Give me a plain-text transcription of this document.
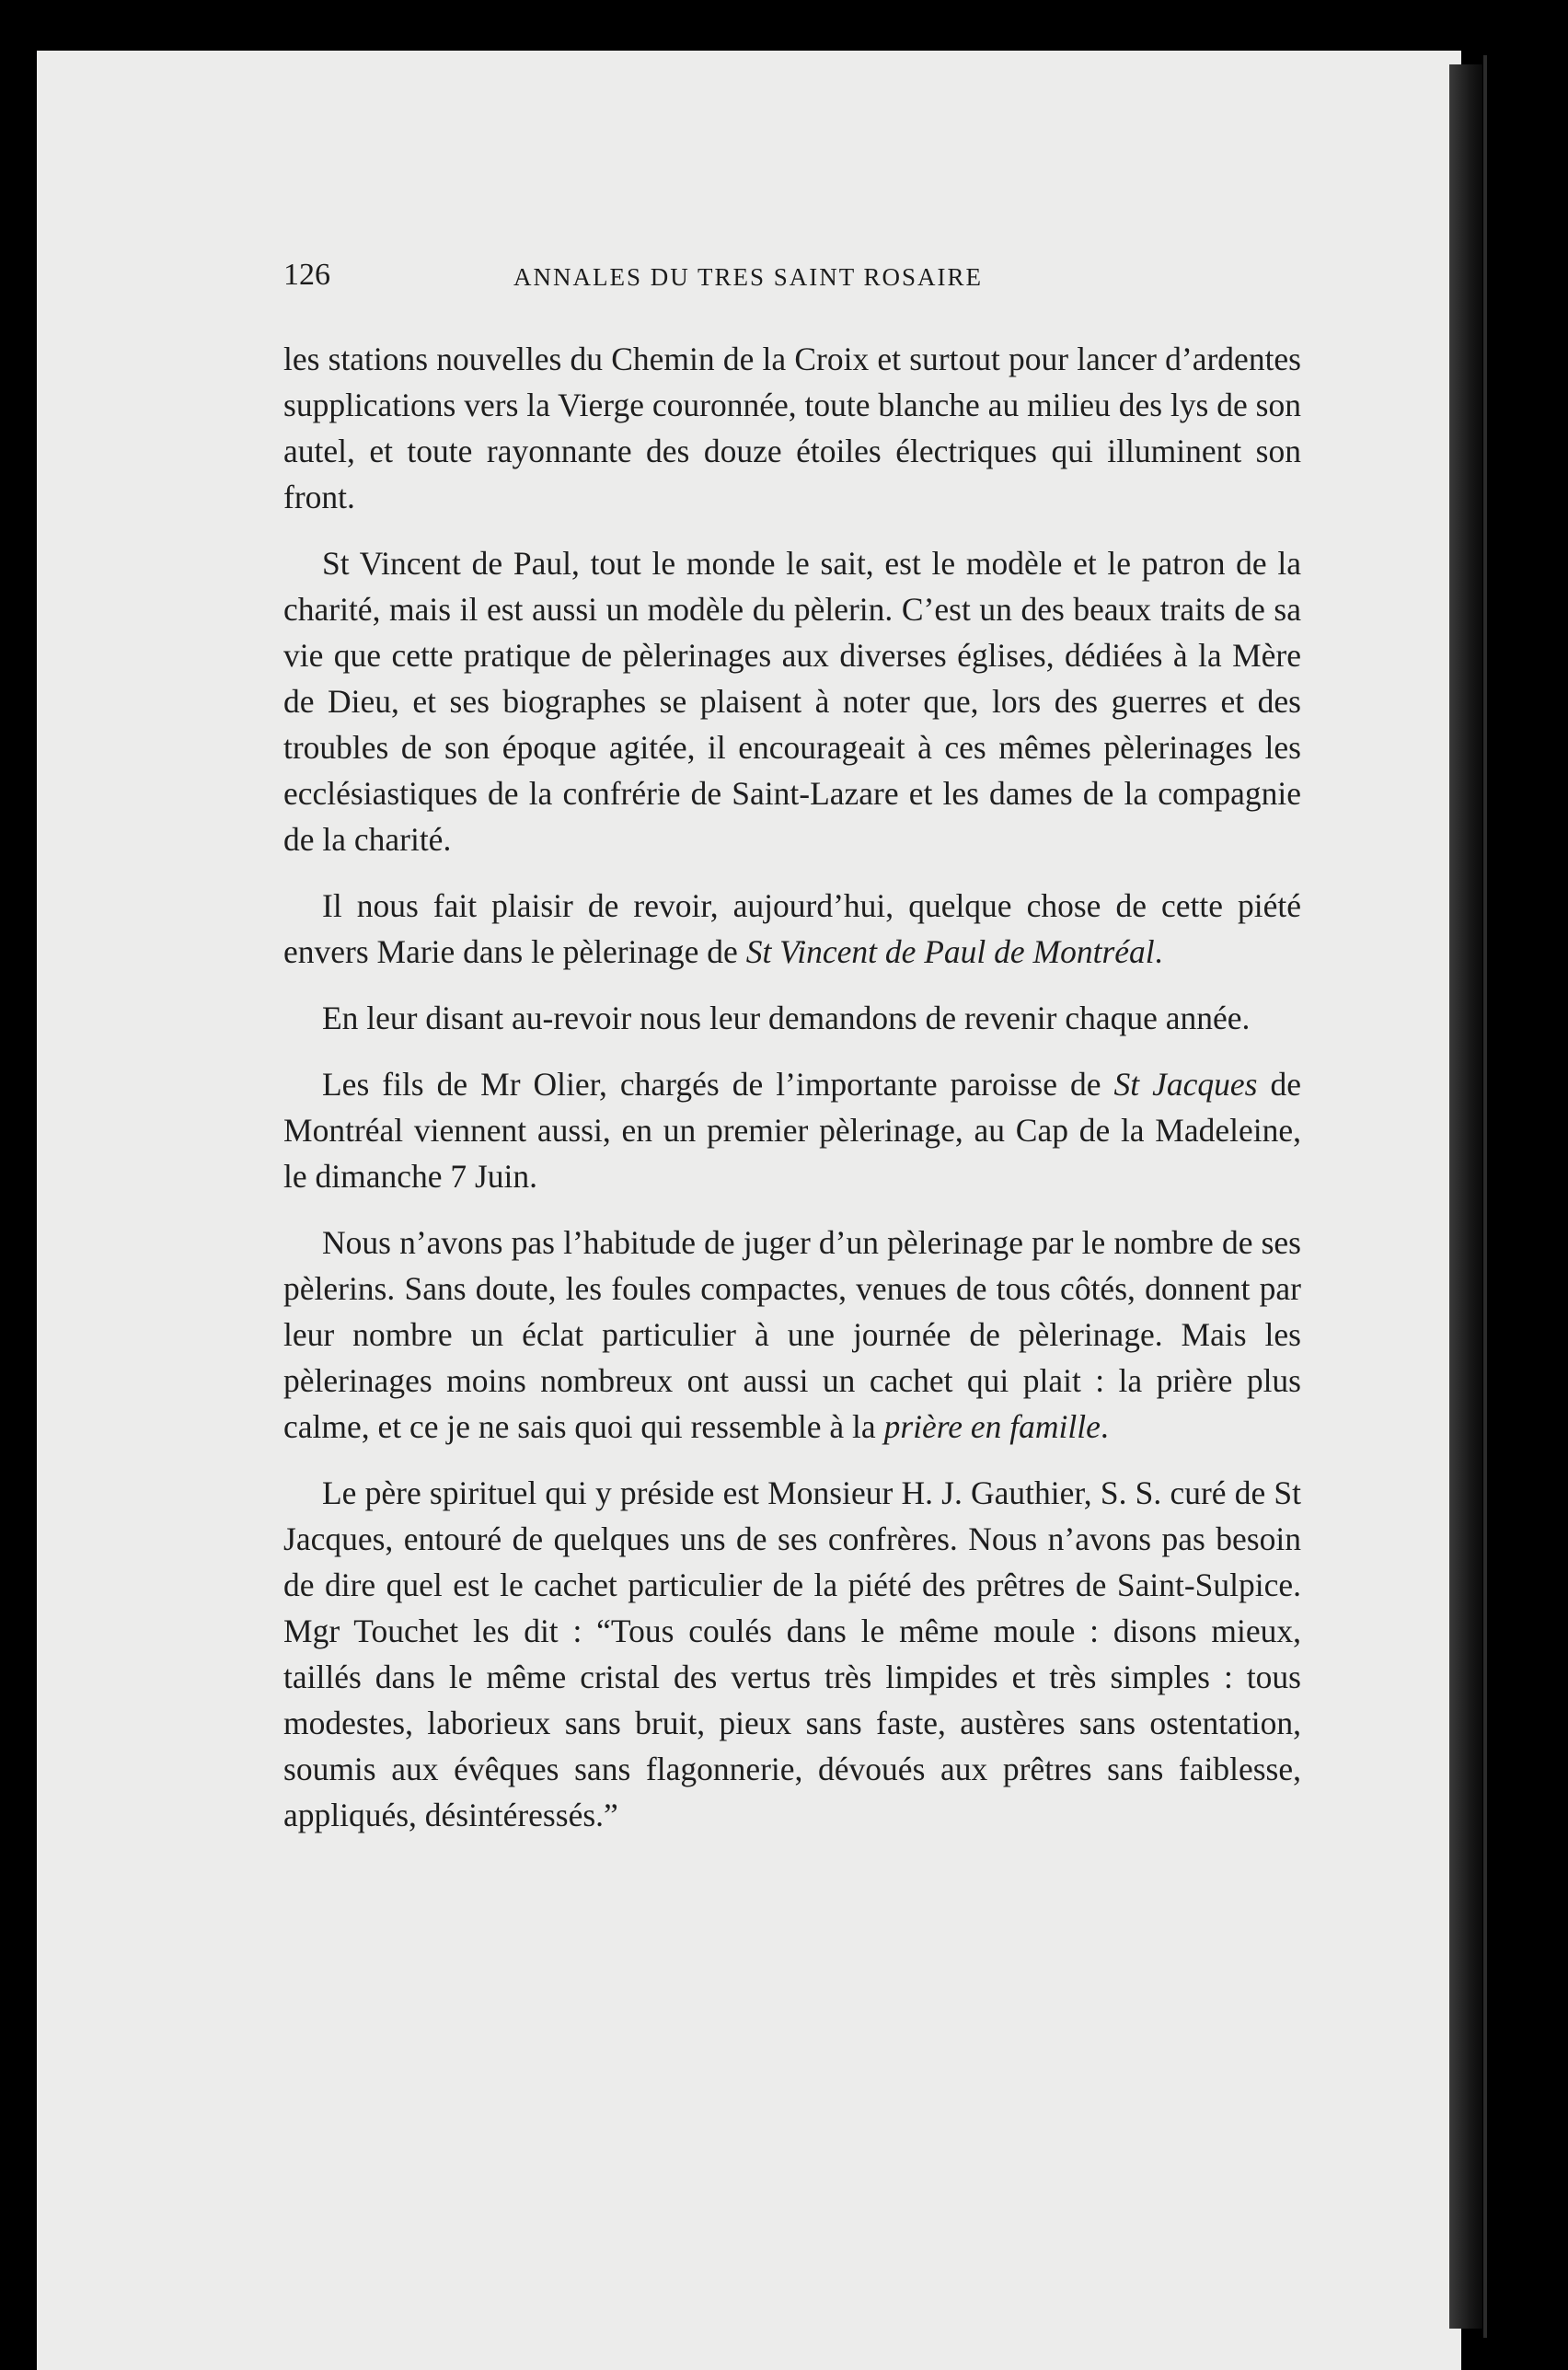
126	ANNALES DU TRES SAINT ROSAIRE

les stations nouvelles du Chemin de la Croix et surtout pour lancer d’ardentes supplications vers la Vierge couronnée, toute blanche au milieu des lys de son autel, et toute rayonnante des douze étoiles électriques qui illuminent son front.

St Vincent de Paul, tout le monde le sait, est le modèle et le patron de la charité, mais il est aussi un modèle du pèlerin. C’est un des beaux traits de sa vie que cette pratique de pèlerinages aux diverses églises, dédiées à la Mère de Dieu, et ses biographes se plaisent à noter que, lors des guerres et des troubles de son époque agitée, il encourageait à ces mêmes pèlerinages les ecclésiastiques de la confrérie de Saint-Lazare et les dames de la compagnie de la charité.

Il nous fait plaisir de revoir, aujourd’hui, quelque chose de cette piété envers Marie dans le pèlerinage de St Vincent de Paul de Montréal.

En leur disant au-revoir nous leur demandons de revenir chaque année.

Les fils de Mr Olier, chargés de l’importante paroisse de St Jacques de Montréal viennent aussi, en un premier pèlerinage, au Cap de la Madeleine, le dimanche 7 Juin.

Nous n’avons pas l’habitude de juger d’un pèlerinage par le nombre de ses pèlerins. Sans doute, les foules compactes, venues de tous côtés, donnent par leur nombre un éclat particulier à une journée de pèlerinage. Mais les pèlerinages moins nombreux ont aussi un cachet qui plait : la prière plus calme, et ce je ne sais quoi qui ressemble à la prière en famille.

Le père spirituel qui y préside est Monsieur H. J. Gauthier, S. S. curé de St Jacques, entouré de quelques uns de ses confrères. Nous n’avons pas besoin de dire quel est le cachet particulier de la piété des prêtres de Saint-Sulpice. Mgr Touchet les dit : “Tous coulés dans le même moule : disons mieux, taillés dans le même cristal des vertus très limpides et très simples : tous modestes, laborieux sans bruit, pieux sans faste, austères sans ostentation, soumis aux évêques sans flagonnerie, dévoués aux prêtres sans faiblesse, appliqués, désintéressés.”
